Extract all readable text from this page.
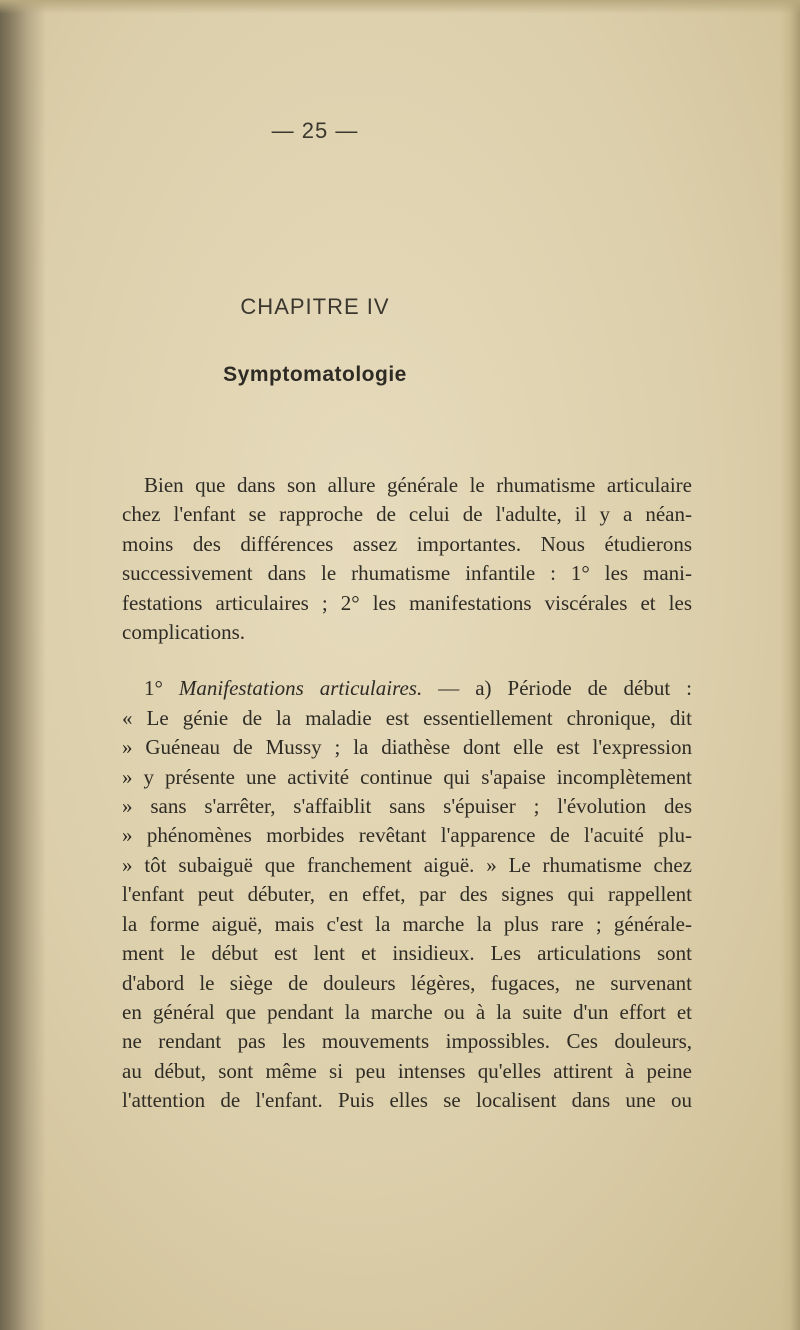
— 25 —
CHAPITRE IV
Symptomatologie
Bien que dans son allure générale le rhumatisme articulaire
chez l'enfant se rapproche de celui de l'adulte, il y a néan-
moins des différences assez importantes. Nous étudierons
successivement dans le rhumatisme infantile : 1° les mani-
festations articulaires ; 2° les manifestations viscérales et les
complications.
1° Manifestations articulaires. — a) Période de début :
« Le génie de la maladie est essentiellement chronique, dit
» Guéneau de Mussy ; la diathèse dont elle est l'expression
» y présente une activité continue qui s'apaise incomplètement
» sans s'arrêter, s'affaiblit sans s'épuiser ; l'évolution des
» phénomènes morbides revêtant l'apparence de l'acuité plu-
» tôt subaiguë que franchement aiguë. » Le rhumatisme chez
l'enfant peut débuter, en effet, par des signes qui rappellent
la forme aiguë, mais c'est la marche la plus rare ; générale-
ment le début est lent et insidieux. Les articulations sont
d'abord le siège de douleurs légères, fugaces, ne survenant
en général que pendant la marche ou à la suite d'un effort et
ne rendant pas les mouvements impossibles. Ces douleurs,
au début, sont même si peu intenses qu'elles attirent à peine
l'attention de l'enfant. Puis elles se localisent dans une ou
